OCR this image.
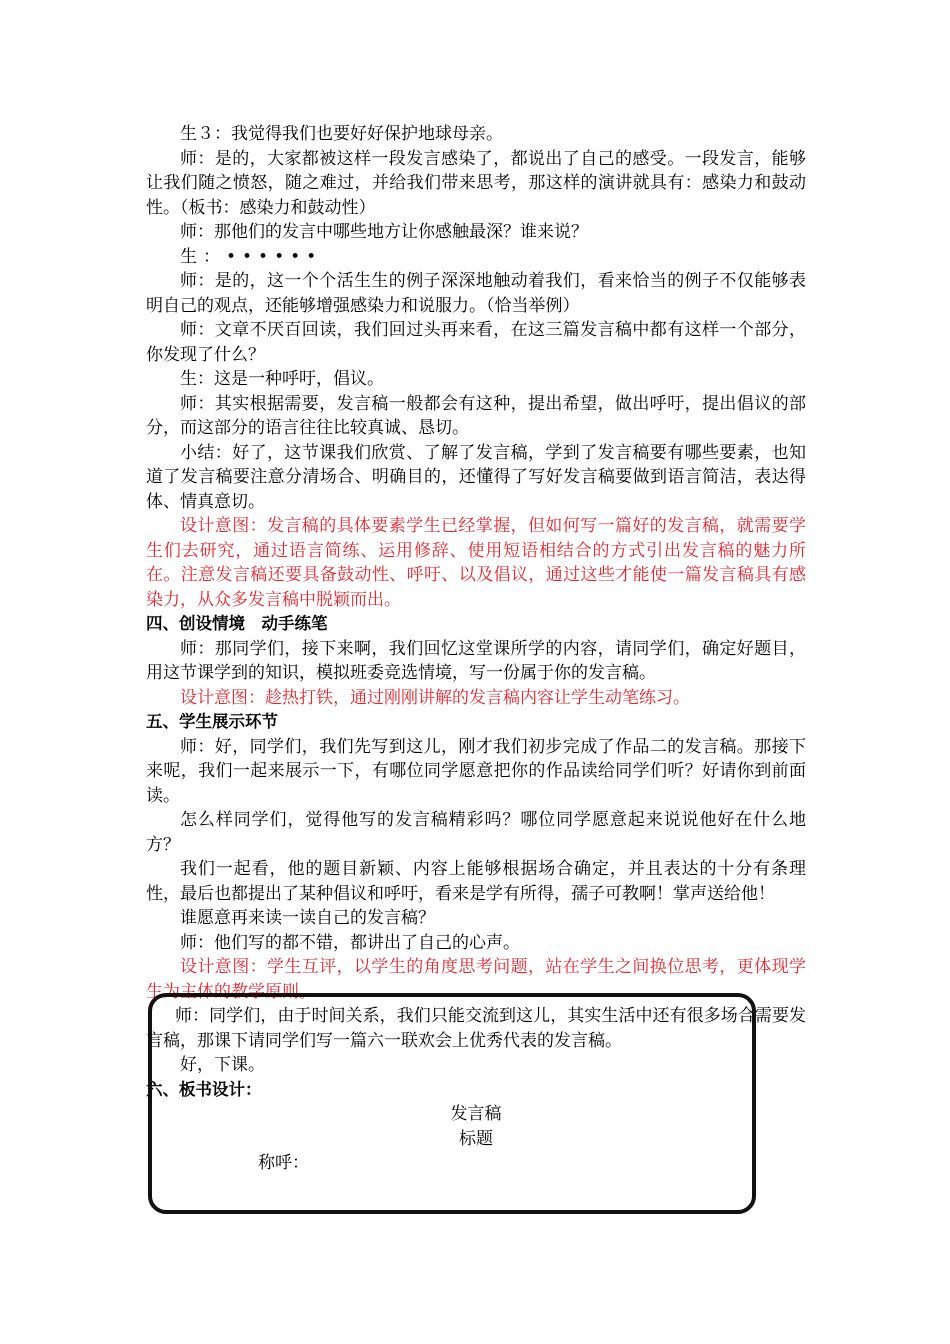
生３：我觉得我们也要好好保护地球母亲。

师：是的，大家都被这样一段发言感染了，都说出了自己的感受。一段发言，能够让我们随之愤怒，随之难过，并给我们带来思考，那这样的演讲就具有：感染力和鼓动性。（板书：感染力和鼓动性）

师：那他们的发言中哪些地方让你感触最深？谁来说？

生：••••••

师：是的，这一个个活生生的例子深深地触动着我们，看来恰当的例子不仅能够表明自己的观点，还能够增强感染力和说服力。（恰当举例）

师：文章不厌百回读，我们回过头再来看，在这三篇发言稿中都有这样一个部分，你发现了什么？

生：这是一种呼吁，倡议。

师：其实根据需要，发言稿一般都会有这种，提出希望，做出呼吁，提出倡议的部分，而这部分的语言往往比较真诚、恳切。

小结：好了，这节课我们欣赏、了解了发言稿，学到了发言稿要有哪些要素，也知道了发言稿要注意分清场合、明确目的，还懂得了写好发言稿要做到语言简洁，表达得体、情真意切。

设计意图：发言稿的具体要素学生已经掌握，但如何写一篇好的发言稿，就需要学生们去研究，通过语言简练、运用修辞、使用短语相结合的方式引出发言稿的魅力所在。注意发言稿还要具备鼓动性、呼吁、以及倡议，通过这些才能使一篇发言稿具有感染力，从众多发言稿中脱颖而出。

四、创设情境　动手练笔

师：那同学们，接下来啊，我们回忆这堂课所学的内容，请同学们，确定好题目，用这节课学到的知识，模拟班委竞选情境，写一份属于你的发言稿。

设计意图：趁热打铁，通过刚刚讲解的发言稿内容让学生动笔练习。

五、学生展示环节

师：好，同学们，我们先写到这儿，刚才我们初步完成了作品二的发言稿。那接下来呢，我们一起来展示一下，有哪位同学愿意把你的作品读给同学们听？好请你到前面读。

怎么样同学们，觉得他写的发言稿精彩吗？哪位同学愿意起来说说他好在什么地方？

我们一起看，他的题目新颖、内容上能够根据场合确定，并且表达的十分有条理性，最后也都提出了某种倡议和呼吁，看来是学有所得，孺子可教啊！掌声送给他！

谁愿意再来读一读自己的发言稿？

师：他们写的都不错，都讲出了自己的心声。

设计意图：学生互评，以学生的角度思考问题，站在学生之间换位思考，更体现学生为主体的教学原则。

师：同学们，由于时间关系，我们只能交流到这儿，其实生活中还有很多场合需要发言稿，那课下请同学们写一篇六一联欢会上优秀代表的发言稿。

好，下课。

六、板书设计：

发言稿

标题

称呼：
